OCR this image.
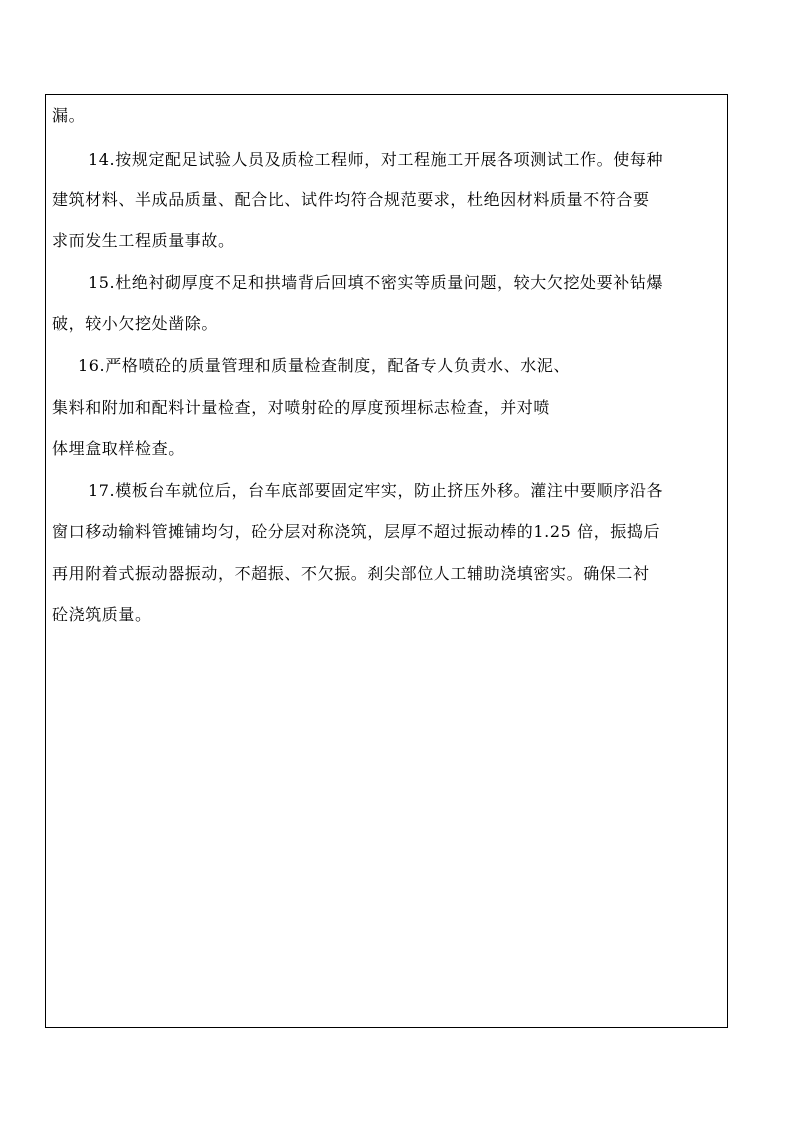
漏。
14.按规定配足试验人员及质检工程师，对工程施工开展各项测试工作。使每种
建筑材料、半成品质量、配合比、试件均符合规范要求，杜绝因材料质量不符合要
求而发生工程质量事故。
15.杜绝衬砌厚度不足和拱墙背后回填不密实等质量问题，较大欠挖处要补钻爆
破，较小欠挖处凿除。
16.严格喷砼的质量管理和质量检查制度，配备专人负责水、水泥、
集料和附加和配料计量检查，对喷射砼的厚度预埋标志检查，并对喷
体埋盒取样检查。
17.模板台车就位后，台车底部要固定牢实，防止挤压外移。灌注中要顺序沿各
窗口移动输料管摊铺均匀，砼分层对称浇筑，层厚不超过振动棒的1.25 倍，振捣后
再用附着式振动器振动，不超振、不欠振。刹尖部位人工辅助浇填密实。确保二衬
砼浇筑质量。
